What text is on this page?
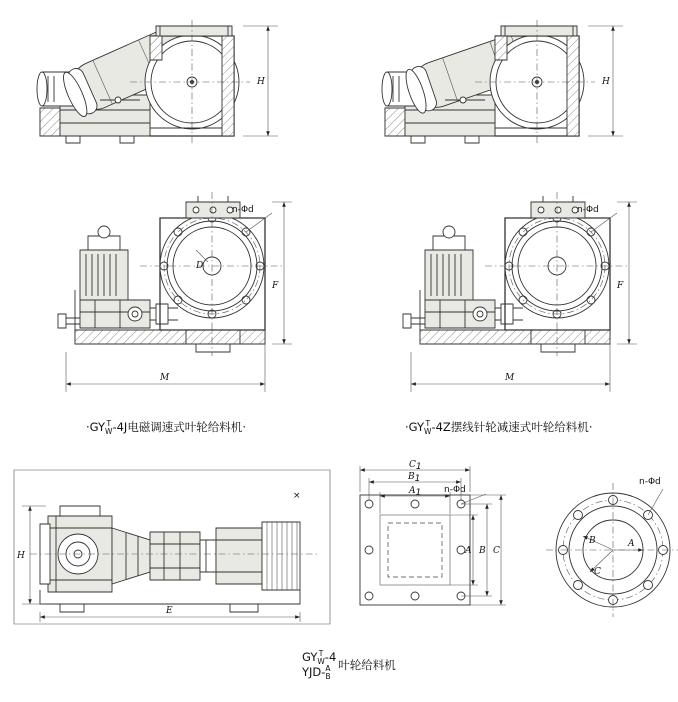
H	H
n-Φd
D
F
M
n-Φd
F
M
×
H
E
n-Φd
C1
B1
A1
A B C
A
B
C
n-Φd
·GY T
W -4J电磁调速式叶轮给料机·	·GY T
W -4Z摆线针轮减速式叶轮给料机·
GY T
W -4
YJD- A
B
叶轮给料机
